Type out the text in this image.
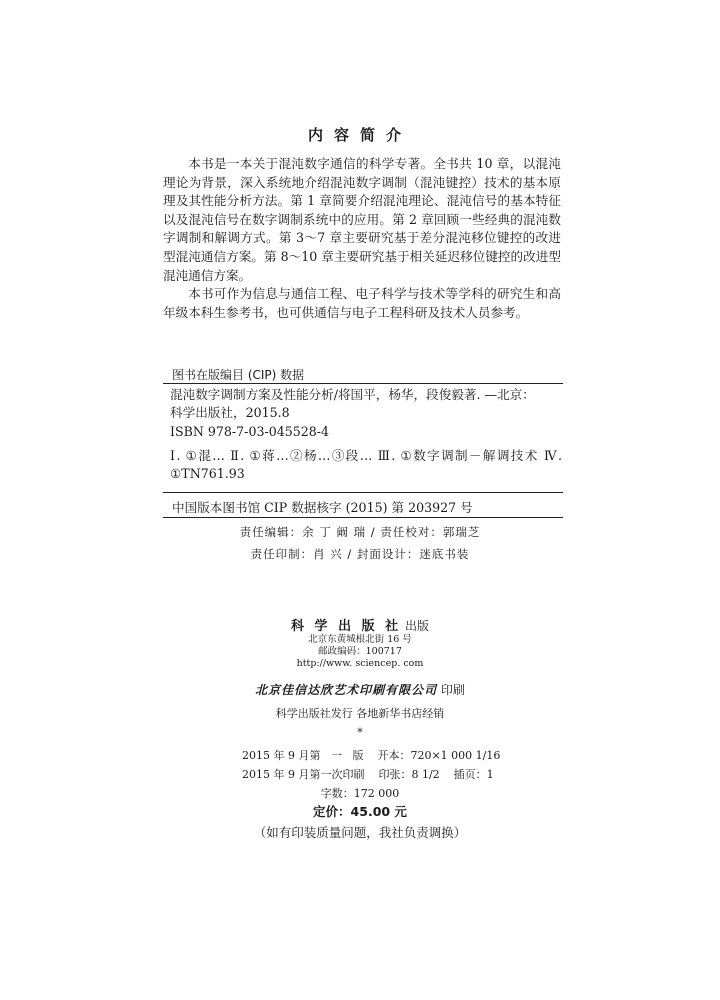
内容简介

本书是一本关于混沌数字通信的科学专著。全书共 10 章，以混沌理论为背景，深入系统地介绍混沌数字调制（混沌键控）技术的基本原理及其性能分析方法。第 1 章简要介绍混沌理论、混沌信号的基本特征以及混沌信号在数字调制系统中的应用。第 2 章回顾一些经典的混沌数字调制和解调方式。第 3～7 章主要研究基于差分混沌移位键控的改进型混沌通信方案。第 8～10 章主要研究基于相关延迟移位键控的改进型混沌通信方案。

本书可作为信息与通信工程、电子科学与技术等学科的研究生和高年级本科生参考书，也可供通信与电子工程科研及技术人员参考。

图书在版编目 (CIP) 数据
混沌数字调制方案及性能分析/将国平，杨华，段俊毅著. —北京：
科学出版社，2015.8
ISBN 978-7-03-045528-4
Ⅰ. ①混… Ⅱ. ①蒋…②杨…③段… Ⅲ. ①数字调制－解调技术 Ⅳ. ①TN761.93
中国版本图书馆 CIP 数据核字 (2015) 第 203927 号
责任编辑：余 丁 阚 瑞 / 责任校对：郭瑞芝
责任印制：肖 兴 / 封面设计：迷底书装
科 学 出 版 社 出版
北京东黄城根北街 16 号
邮政编码：100717
http://www. sciencep. com
北京佳信达欣艺术印刷有限公司 印刷
科学出版社发行 各地新华书店经销
*
2015 年 9 月第   一   版    开本：720×1 000 1/16
2015 年 9 月第一次印刷    印张：8 1/2    插页：1
字数：172 000
定价：45.00 元
（如有印装质量问题，我社负责调换）
